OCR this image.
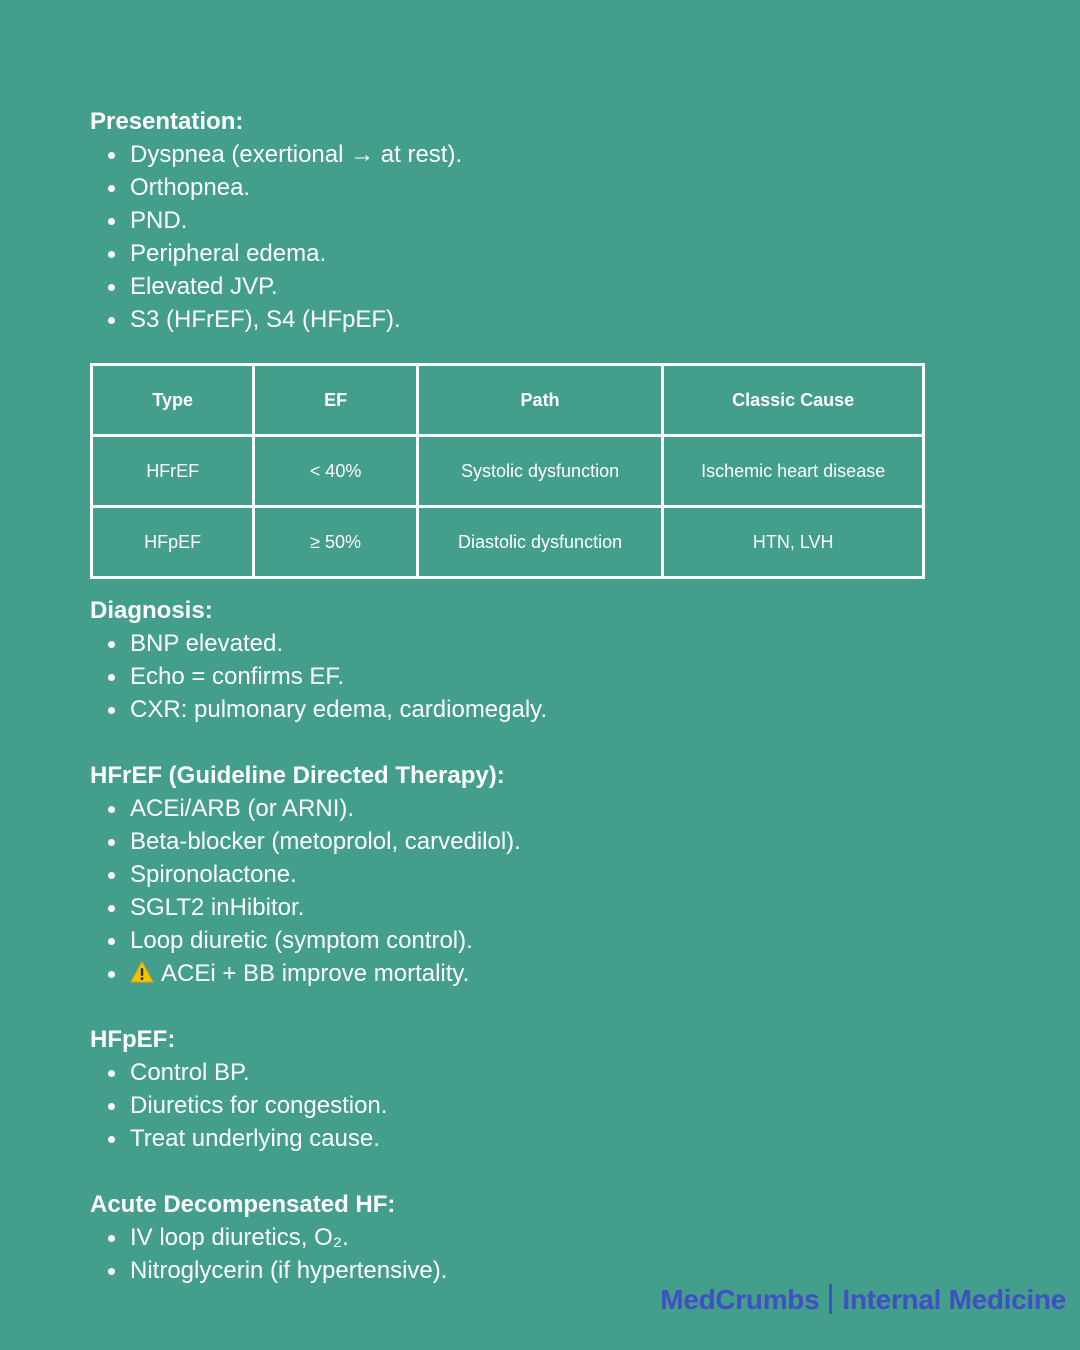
Presentation:

Dyspnea (exertional → at rest).
Orthopnea.
PND.
Peripheral edema.
Elevated JVP.
S3 (HFrEF), S4 (HFpEF).
Type	EF	Path	Classic Cause
HFrEF	< 40%	Systolic dysfunction	Ischemic heart disease
HFpEF	≥ 50%	Diastolic dysfunction	HTN, LVH

Diagnosis:

BNP elevated.
Echo = confirms EF.
CXR: pulmonary edema, cardiomegaly.

HFrEF (Guideline Directed Therapy):

ACEi/ARB (or ARNI).
Beta-blocker (metoprolol, carvedilol).
Spironolactone.
SGLT2 inHibitor.
Loop diuretic (symptom control).
ACEi + BB improve mortality.

HFpEF:

Control BP.
Diuretics for congestion.
Treat underlying cause.

Acute Decompensated HF:

IV loop diuretics, O₂.
Nitroglycerin (if hypertensive).
MedCrumbs Internal Medicine
